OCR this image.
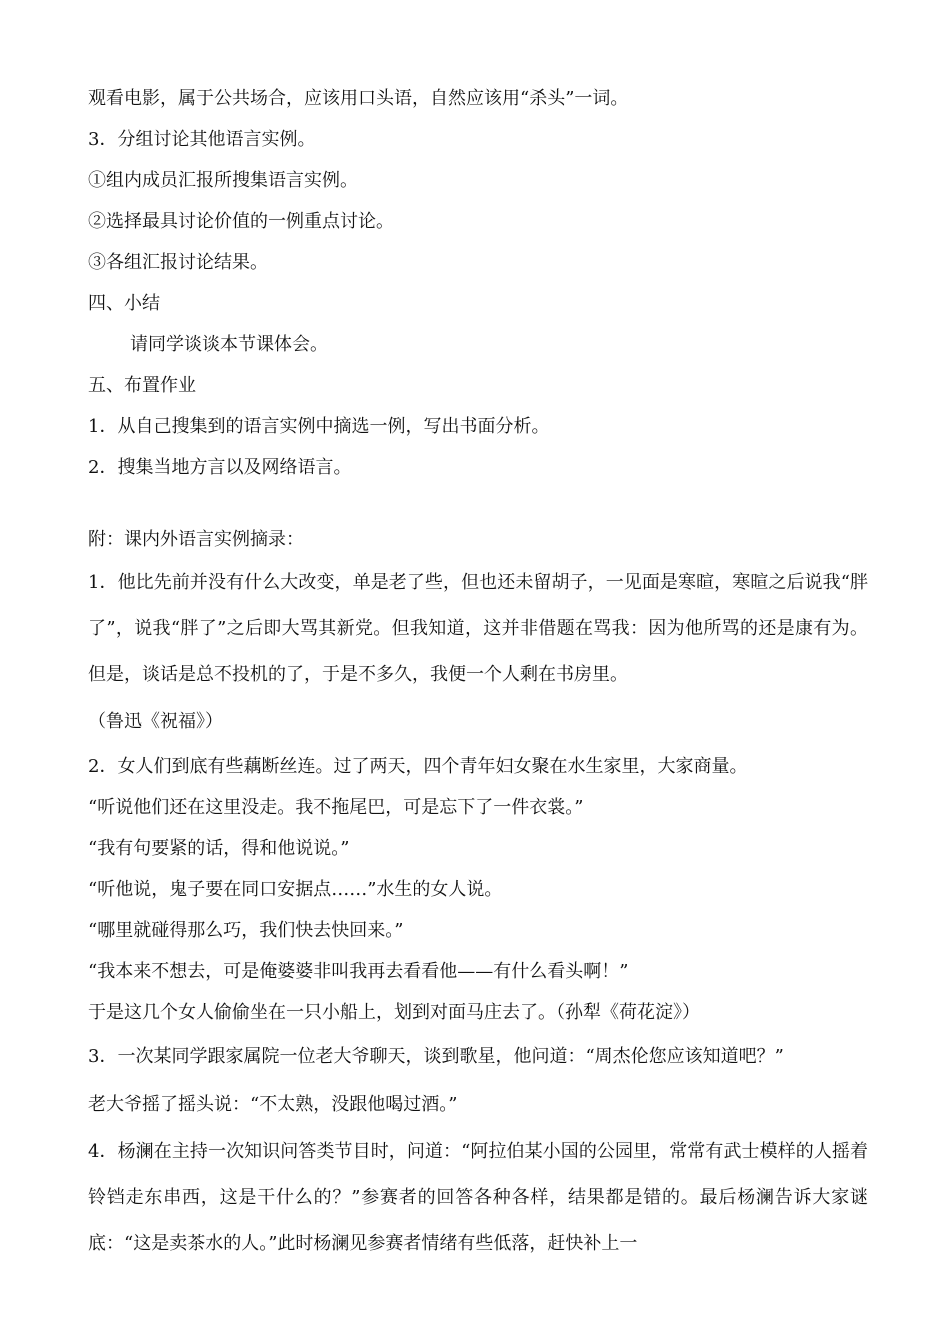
观看电影，属于公共场合，应该用口头语，自然应该用“杀头”一词。
3．分组讨论其他语言实例。
①组内成员汇报所搜集语言实例。
②选择最具讨论价值的一例重点讨论。
③各组汇报讨论结果。
四、小结
请同学谈谈本节课体会。
五、布置作业
1．从自己搜集到的语言实例中摘选一例，写出书面分析。
2．搜集当地方言以及网络语言。
附：课内外语言实例摘录：
1．他比先前并没有什么大改变，单是老了些，但也还未留胡子，一见面是寒暄，寒暄之后说我“胖了”，说我“胖了”之后即大骂其新党。但我知道，这并非借题在骂我：因为他所骂的还是康有为。但是，谈话是总不投机的了，于是不多久，我便一个人剩在书房里。
（鲁迅《祝福》）
2．女人们到底有些藕断丝连。过了两天，四个青年妇女聚在水生家里，大家商量。
“听说他们还在这里没走。我不拖尾巴，可是忘下了一件衣裳。”
“我有句要紧的话，得和他说说。”
“听他说，鬼子要在同口安据点……”水生的女人说。
“哪里就碰得那么巧，我们快去快回来。”
“我本来不想去，可是俺婆婆非叫我再去看看他——有什么看头啊！”
于是这几个女人偷偷坐在一只小船上，划到对面马庄去了。（孙犁《荷花淀》）
3．一次某同学跟家属院一位老大爷聊天，谈到歌星，他问道：“周杰伦您应该知道吧？”
老大爷摇了摇头说：“不太熟，没跟他喝过酒。”
4．杨澜在主持一次知识问答类节目时，问道：“阿拉伯某小国的公园里，常常有武士模样的人摇着铃铛走东串西，这是干什么的？”参赛者的回答各种各样，结果都是错的。最后杨澜告诉大家谜底：“这是卖茶水的人。”此时杨澜见参赛者情绪有些低落，赶快补上一
